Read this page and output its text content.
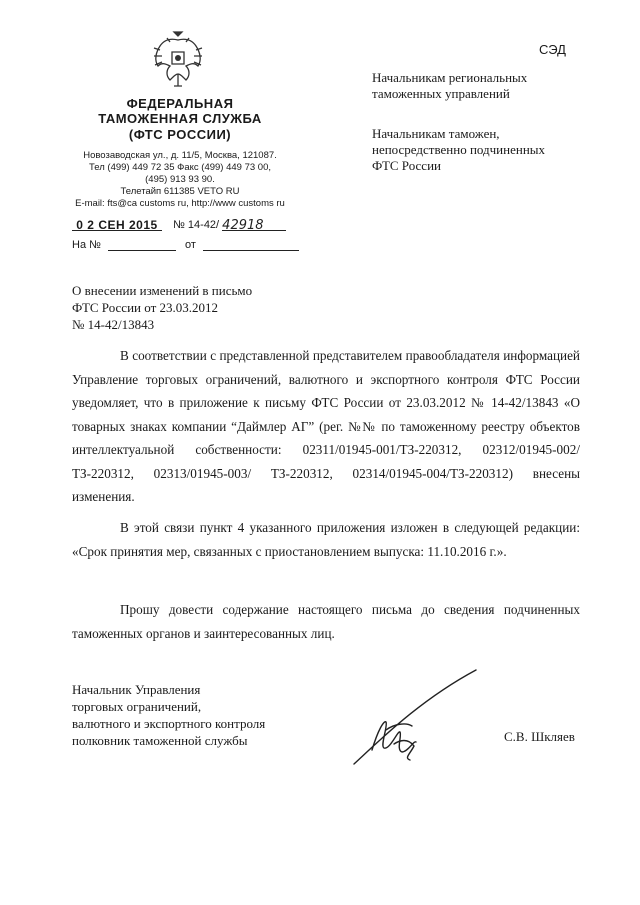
ФЕДЕРАЛЬНАЯ
ТАМОЖЕННАЯ СЛУЖБА
(ФТС РОССИИ)
Новозаводская ул., д. 11/5, Москва, 121087.
Тел (499) 449 72 35 Факс (499) 449 73 00,
(495) 913 93 90.
Телетайп 611385 VETO RU
E-mail: fts@ca customs ru, http://www customs ru
0 2 СЕН 2015 № 14-42/ 42918
На №	от
СЭД
Начальникам региональных
таможенных управлений
Начальникам таможен,
непосредственно подчиненных
ФТС России
О внесении изменений в письмо
ФТС России от 23.03.2012
№ 14-42/13843

В соответствии с представленной представителем правообладателя информацией Управление торговых ограничений, валютного и экспортного контроля ФТС России уведомляет, что в приложение к письму ФТС России от 23.03.2012 № 14-42/13843 «О товарных знаках компании “Даймлер АГ” (рег. №№ по таможенному реестру объектов интеллектуальной собственности: 02311/01945-001/ТЗ-220312, 02312/01945-002/ТЗ-220312, 02313/01945-003/ ТЗ-220312, 02314/01945-004/ТЗ-220312) внесены изменения.

В этой связи пункт 4 указанного приложения изложен в следующей редакции: «Срок принятия мер, связанных с приостановлением выпуска: 11.10.2016 г.».

Прошу довести содержание настоящего письма до сведения подчиненных таможенных органов и заинтересованных лиц.

Начальник Управления
торговых ограничений,
валютного и экспортного контроля
полковник таможенной службы	С.В. Шкляев
